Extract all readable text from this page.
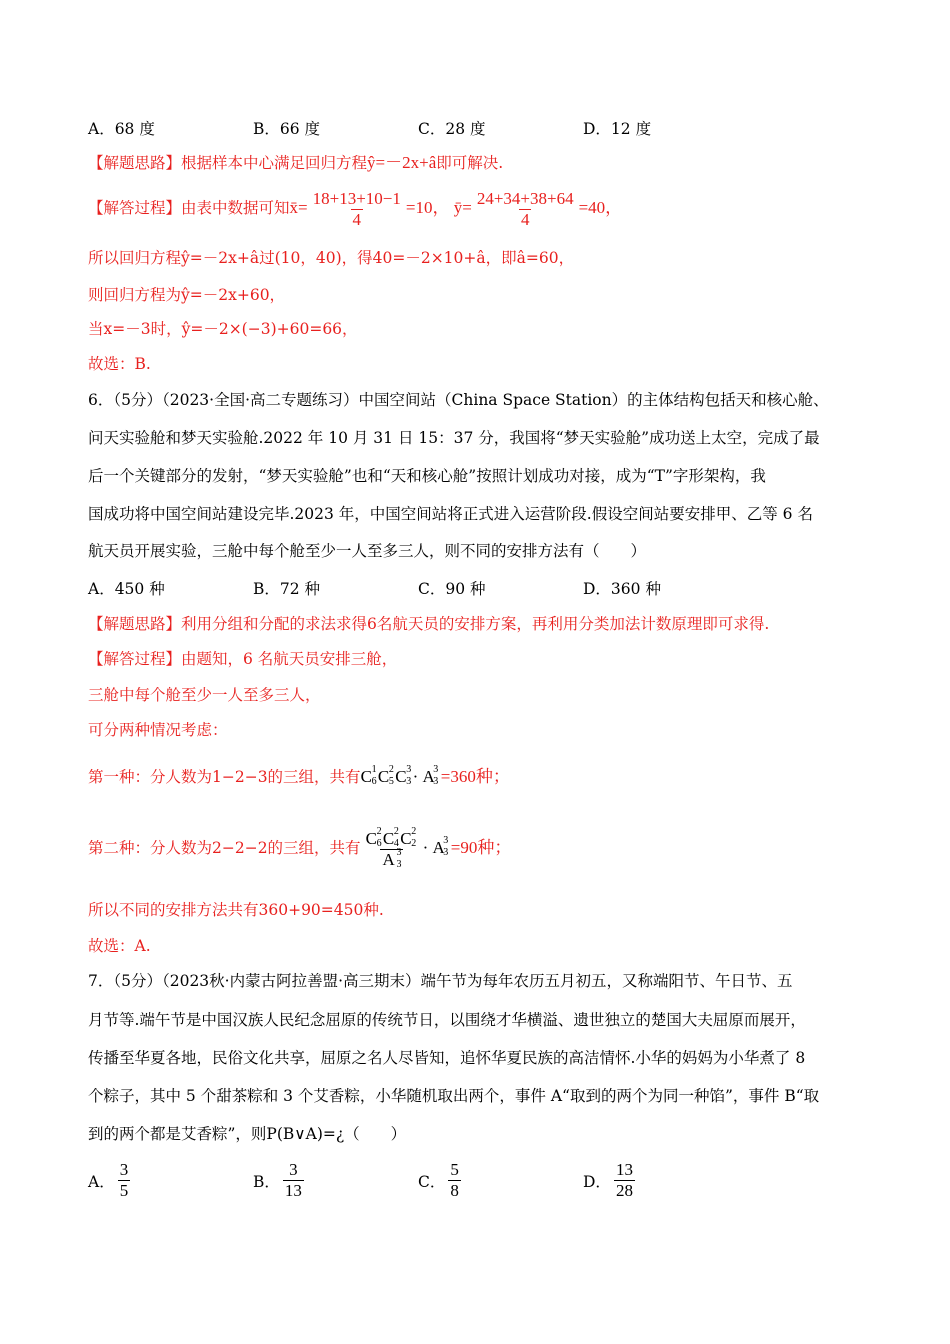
A．68 度	B．66 度	C．28 度	D．12 度
【解题思路】根据样本中心满足回归方程ŷ=－2x+â即可解决.
【解答过程】由表中数据可知x̄= $\frac{18+13+10-1}{4} =10$， ȳ= $\frac{24+34+38+64}{4} =40$，
所以回归方程ŷ=－2x+â过(10，40)，得40=－2×10+â，即â=60，
则回归方程为ŷ=－2x+60，
当x=－3时，ŷ=－2×(−3)+60=66，
故选：B.
6．（5分）（2023·全国·高二专题练习）中国空间站（China Space Station）的主体结构包括天和核心舱、
问天实验舱和梦天实验舱.2022 年 10 月 31 日 15：37 分，我国将“梦天实验舱”成功送上太空，完成了最
后一个关键部分的发射，“梦天实验舱”也和“天和核心舱”按照计划成功对接，成为“T”字形架构，我
国成功将中国空间站建设完毕.2023 年，中国空间站将正式进入运营阶段.假设空间站要安排甲、乙等 6 名
航天员开展实验，三舱中每个舱至少一人至多三人，则不同的安排方法有（　　）
A．450 种	B．72 种	C．90 种	D．360 种
【解题思路】利用分组和分配的求法求得6名航天员的安排方案，再利用分类加法计数原理即可求得.
【解答过程】由题知，6 名航天员安排三舱，
三舱中每个舱至少一人至多三人，
可分两种情况考虑：
第一种：分人数为1−2−3的三组，共有C 1
6 C 2
5 C 3
3 · A
3
3 =360种；
第二种：分人数为2−2−2的三组，共有 C 2
6 C 2
4 C 2
2
A 3
3 · A
3
3 =90种；
所以不同的安排方法共有360+90=450种.
故选：A.
7．（5分）（2023秋·内蒙古阿拉善盟·高三期末）端午节为每年农历五月初五，又称端阳节、午日节、五
月节等.端午节是中国汉族人民纪念屈原的传统节日，以围绕才华横溢、遗世独立的楚国大夫屈原而展开，
传播至华夏各地，民俗文化共享，屈原之名人尽皆知，追怀华夏民族的高洁情怀.小华的妈妈为小华煮了 8
个粽子，其中 5 个甜茶粽和 3 个艾香粽，小华随机取出两个，事件 A“取到的两个为同一种馅”，事件 B“取
到的两个都是艾香粽”，则P(B∨A)=¿（　　）
A． $\frac{3}{5}$	B． $\frac{3}{13}$	C． $\frac{5}{8}$	D． $\frac{13}{28}$
